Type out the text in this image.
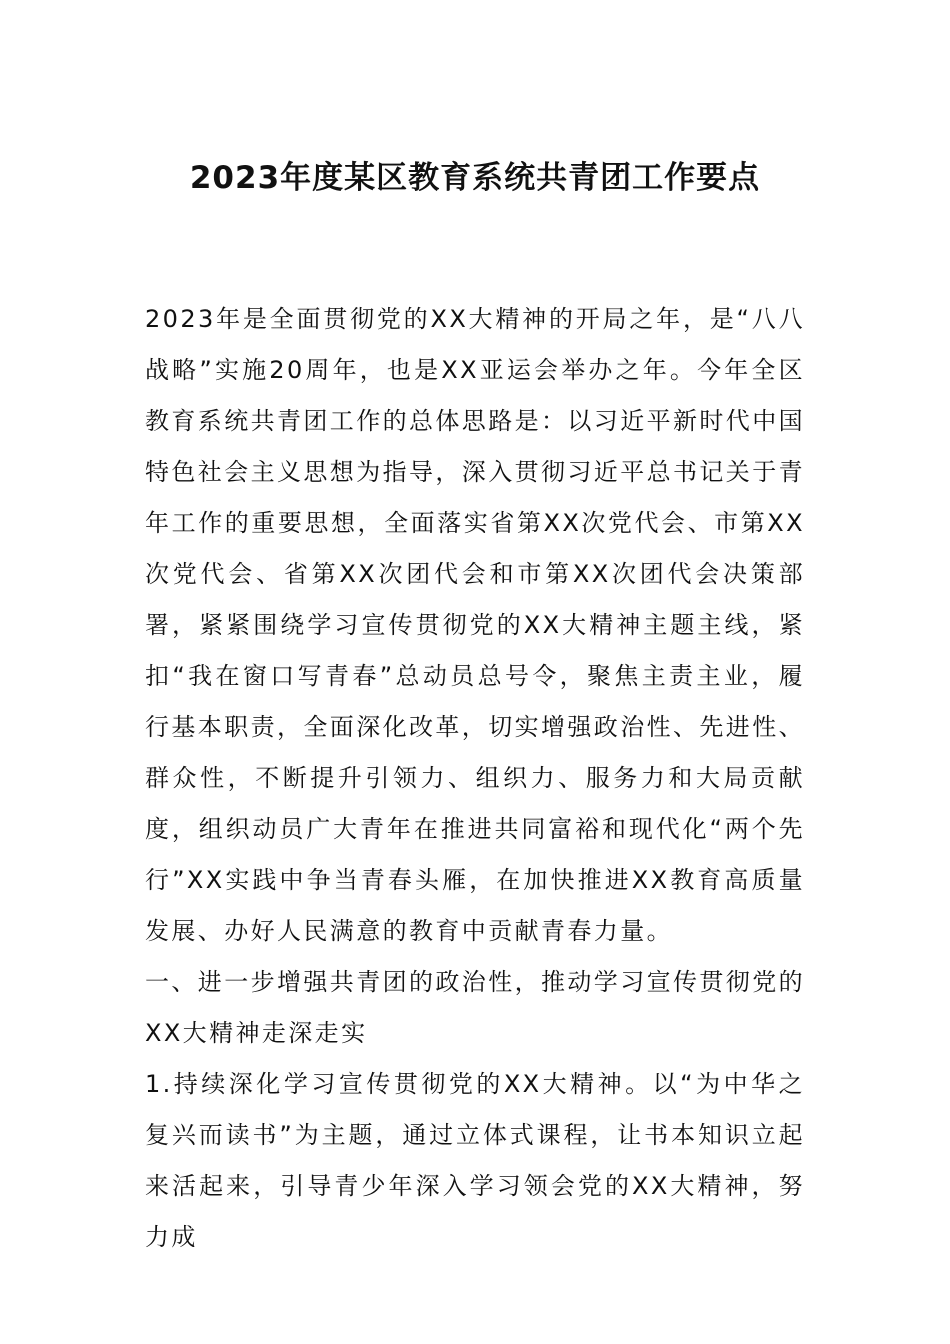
2023年度某区教育系统共青团工作要点

2023年是全面贯彻党的XX大精神的开局之年，是“八八战略”实施20周年，也是XX亚运会举办之年。今年全区教育系统共青团工作的总体思路是：以习近平新时代中国特色社会主义思想为指导，深入贯彻习近平总书记关于青年工作的重要思想，全面落实省第XX次党代会、市第XX次党代会、省第XX次团代会和市第XX次团代会决策部署，紧紧围绕学习宣传贯彻党的XX大精神主题主线，紧扣“我在窗口写青春”总动员总号令，聚焦主责主业，履行基本职责，全面深化改革，切实增强政治性、先进性、群众性，不断提升引领力、组织力、服务力和大局贡献度，组织动员广大青年在推进共同富裕和现代化“两个先行”XX实践中争当青春头雁，在加快推进XX教育高质量发展、办好人民满意的教育中贡献青春力量。

一、进一步增强共青团的政治性，推动学习宣传贯彻党的XX大精神走深走实

1.持续深化学习宣传贯彻党的XX大精神。以“为中华之复兴而读书”为主题，通过立体式课程，让书本知识立起来活起来，引导青少年深入学习领会党的XX大精神，努力成
